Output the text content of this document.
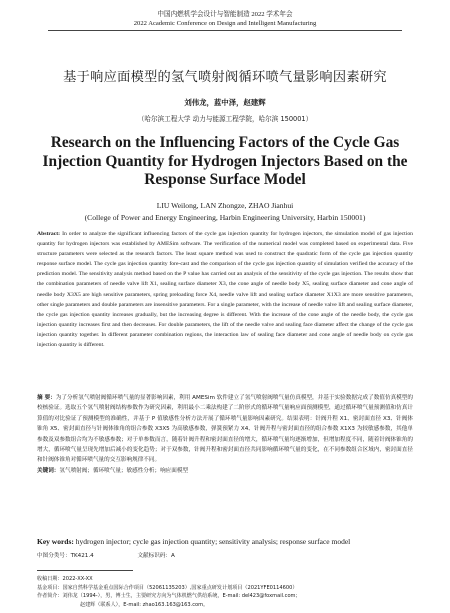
中国内燃机学会设计与智能制造 2022 学术年会
2022 Academic Conference on Design and Intelligent Manufacturing
基于响应面模型的氢气喷射阀循环喷气量影响因素研究
刘伟龙，蓝中泽，赵建辉
（哈尔滨工程大学 动力与能源工程学院，哈尔滨 150001）
Research on the Influencing Factors of the Cycle Gas Injection Quantity for Hydrogen Injectors Based on the Response Surface Model
LIU Weilong, LAN Zhongze, ZHAO Jianhui
(College of Power and Energy Engineering, Harbin Engineering University, Harbin 150001)
Abstract: In order to analyze the significant influencing factors of the cycle gas injection quantity for hydrogen injectors, the simulation model of gas injection quantity for hydrogen injectors was established by AMESim software. The verification of the numerical model was completed based on experimental data. Five structure parameters were selected as the research factors. The least square method was used to construct the quadratic form of the cycle gas injection quantity response surface model. The cycle gas injection quantity fore-cast and the comparison of the cycle gas injection quantity of simulation verified the accuracy of the prediction model. The sensitivity analysis method based on the P value has carried out an analysis of the sensitivity of the cycle gas injection. The results show that the combination parameters of needle valve lift X1, sealing surface diameter X3, the cone angle of needle body X5, sealing surface diameter and cone angle of needle body X3X5 are high sensitive parameters, spring preloading force X4, needle valve lift and sealing surface diameter X1X3 are more sensitive parameters, other single parameters and double parameters are insensitive parameters. For a single parameter, with the increase of needle valve lift and sealing surface diameter, the cycle gas injection quantity increases gradually, but the increasing degree is different. With the increase of the cone angle of the needle body, the cycle gas injection quantity increases first and then decreases. For double parameters, the lift of the needle valve and sealing face diameter affect the change of the cycle gas injection quantity together. In different parameter combination regions, the interaction law of sealing face diameter and cone angle of needle body on cycle gas injection quantity is different.
摘 要：为了分析氢气喷射阀循环喷气量的显著影响因素，利用 AMESim 软件建立了氢气喷射阀喷气量仿真模型，并基于实验数据完成了数值仿真模型的校核验证。选取五个氢气喷射阀结构参数作为研究因素，利用最小二乘法构建了二阶形式的循环喷气量响应面预测模型，通过循环喷气量预测值和仿真计算值的对比验证了预测模型的准确性，并基于 P 值敏感性分析方法开展了循环喷气量影响因素研究。结果表明：针阀升程 X1、密封面直径 X3、针阀体锥角 X5、密封面直径与针阀体锥角的组合参数 X3X5 为高敏感参数，弹簧预紧力 X4、针阀升程与密封面直径的组合参数 X1X3 为较敏感参数，其他单参数及双参数组合均为不敏感参数；对于单参数而言，随着针阀升程和密封面直径的增大，循环喷气量均逐渐增加，但增加程度不同，随着针阀体锥角的增大，循环喷气量呈现先增加后减小的变化趋势；对于双参数，针阀升程和密封面直径共同影响循环喷气量的变化，在不同参数组合区域内，密封面直径和针阀体锥角对循环喷气量的交互影响规律不同。
关键词：氢气喷射阀；循环喷气量；敏感性分析；响应面模型
Key words: hydrogen injector; cycle gas injection quantity; sensitivity analysis; response surface model
中图分类号：TK421.4	文献标识码：A
收稿日期：2022-XX-XX
基金项目：国家自然科学基金重点国际合作项目（52061135203）,国家重点研发计划项目（2021YFE0114600）
作者简介：刘伟龙（1994-），男，博士生，主要研究方向为气体机燃气供给系统，E-mail: del423@foxmail.com；
赵建辉（联系人），E-mail: zhao163.163@163.com。
